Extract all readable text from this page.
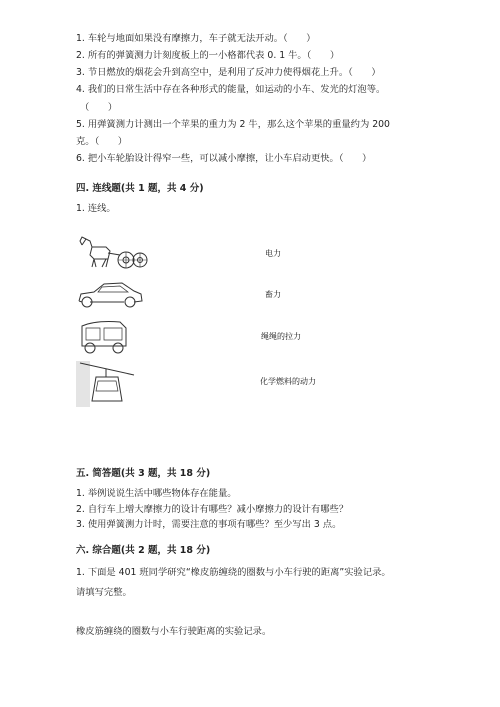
1. 车轮与地面如果没有摩擦力，车子就无法开动。（　　）
2. 所有的弹簧测力计刻度板上的一小格都代表 0. 1 牛。（　　）
3. 节日燃放的烟花会升到高空中，是利用了反冲力使得烟花上升。（　　）
4. 我们的日常生活中存在各种形式的能量，如运动的小车、发光的灯泡等。
（　　）
5. 用弹簧测力计测出一个苹果的重力为 2 牛，那么这个苹果的重量约为 200
克。（　　）
6. 把小车轮胎设计得窄一些，可以减小摩擦，让小车启动更快。（　　）
四. 连线题(共 1 题，共 4 分)
1. 连线。
电力
畜力
绳绳的拉力
化学燃料的动力
五. 简答题(共 3 题，共 18 分)
1. 举例说说生活中哪些物体存在能量。
2. 自行车上增大摩擦力的设计有哪些？减小摩擦力的设计有哪些？
3. 使用弹簧测力计时，需要注意的事项有哪些？至少写出 3 点。
六. 综合题(共 2 题，共 18 分)
1. 下面是 401 班同学研究“橡皮筋缠绕的圈数与小车行驶的距离”实验记录。
请填写完整。
橡皮筋缠绕的圈数与小车行驶距离的实验记录。
